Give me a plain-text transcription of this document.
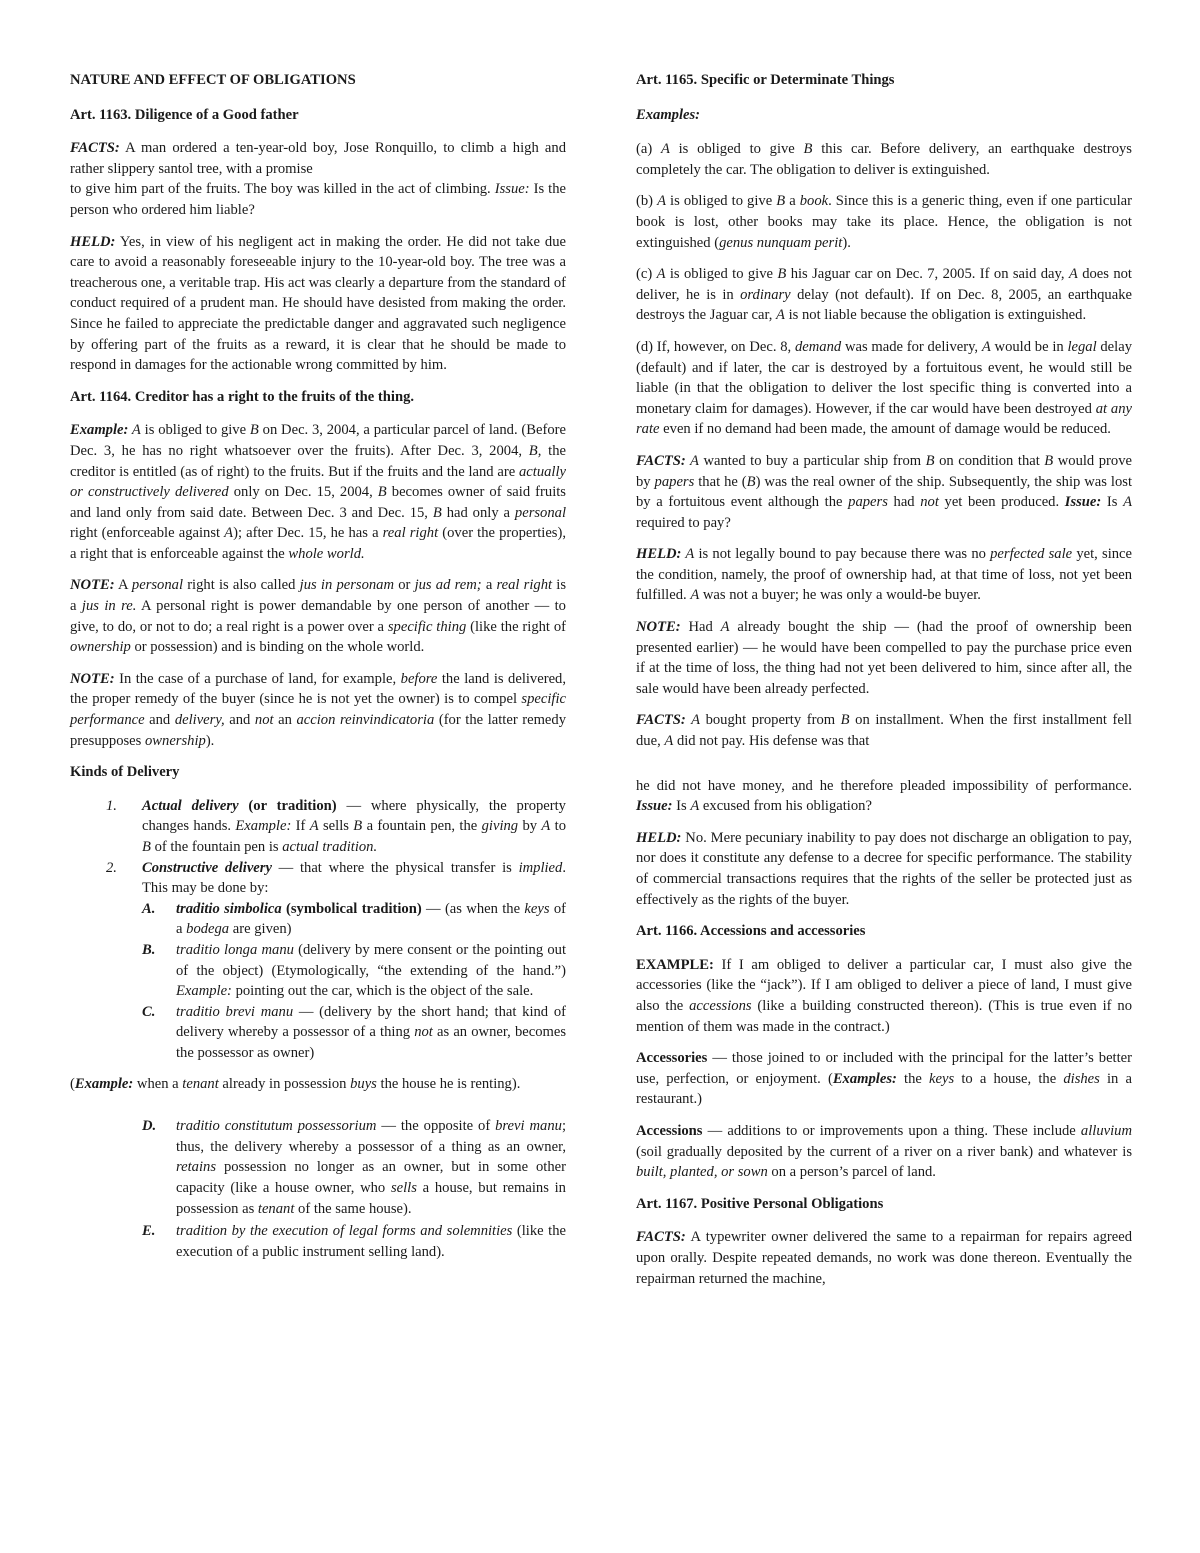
NATURE AND EFFECT OF OBLIGATIONS

Art. 1163. Diligence of a Good father

FACTS: A man ordered a ten-year-old boy, Jose Ronquillo, to climb a high and rather slippery santol tree, with a promise

to give him part of the fruits. The boy was killed in the act of climbing. Issue: Is the person who ordered him liable?

HELD: Yes, in view of his negligent act in making the order. He did not take due care to avoid a reasonably foreseeable injury to the 10-year-old boy. The tree was a treacherous one, a veritable trap. His act was clearly a departure from the standard of conduct required of a prudent man. He should have desisted from making the order. Since he failed to appreciate the predictable danger and aggravated such negligence by offering part of the fruits as a reward, it is clear that he should be made to respond in damages for the actionable wrong committed by him.

Art. 1164. Creditor has a right to the fruits of the thing.

Example: A is obliged to give B on Dec. 3, 2004, a particular parcel of land. (Before Dec. 3, he has no right whatsoever over the fruits). After Dec. 3, 2004, B, the creditor is entitled (as of right) to the fruits. But if the fruits and the land are actually or constructively delivered only on Dec. 15, 2004, B becomes owner of said fruits and land only from said date. Between Dec. 3 and Dec. 15, B had only a personal right (enforceable against A); after Dec. 15, he has a real right (over the properties), a right that is enforceable against the whole world.

NOTE: A personal right is also called jus in personam or jus ad rem; a real right is a jus in re. A personal right is power demandable by one person of another — to give, to do, or not to do; a real right is a power over a specific thing (like the right of ownership or possession) and is binding on the whole world.

NOTE: In the case of a purchase of land, for example, before the land is delivered, the proper remedy of the buyer (since he is not yet the owner) is to compel specific performance and delivery, and not an accion reinvindicatoria (for the latter remedy presupposes ownership).

Kinds of Delivery

1. Actual delivery (or tradition) — where physically, the property changes hands. Example: If A sells B a fountain pen, the giving by A to B of the fountain pen is actual tradition.
2. Constructive delivery — that where the physical transfer is implied. This may be done by:
A. traditio simbolica (symbolical tradition) — (as when the keys of a bodega are given)
B. traditio longa manu (delivery by mere consent or the pointing out of the object) (Etymologically, “the extending of the hand.”) Example: pointing out the car, which is the object of the sale.
C. traditio brevi manu — (delivery by the short hand; that kind of delivery whereby a possessor of a thing not as an owner, becomes the possessor as owner)

(Example: when a tenant already in possession buys the house he is renting).

D. traditio constitutum possessorium — the opposite of brevi manu; thus, the delivery whereby a possessor of a thing as an owner, retains possession no longer as an owner, but in some other capacity (like a house owner, who sells a house, but remains in possession as tenant of the same house).
E. tradition by the execution of legal forms and solemnities (like the execution of a public instrument selling land).

Art. 1165. Specific or Determinate Things

Examples:

(a) A is obliged to give B this car. Before delivery, an earthquake destroys completely the car. The obligation to deliver is extinguished.

(b) A is obliged to give B a book. Since this is a generic thing, even if one particular book is lost, other books may take its place. Hence, the obligation is not extinguished (genus nunquam perit).

(c) A is obliged to give B his Jaguar car on Dec. 7, 2005. If on said day, A does not deliver, he is in ordinary delay (not default). If on Dec. 8, 2005, an earthquake destroys the Jaguar car, A is not liable because the obligation is extinguished.

(d) If, however, on Dec. 8, demand was made for delivery, A would be in legal delay (default) and if later, the car is destroyed by a fortuitous event, he would still be liable (in that the obligation to deliver the lost specific thing is converted into a monetary claim for damages). However, if the car would have been destroyed at any rate even if no demand had been made, the amount of damage would be reduced.

FACTS: A wanted to buy a particular ship from B on condition that B would prove by papers that he (B) was the real owner of the ship. Subsequently, the ship was lost by a fortuitous event although the papers had not yet been produced. Issue: Is A required to pay?

HELD: A is not legally bound to pay because there was no perfected sale yet, since the condition, namely, the proof of ownership had, at that time of loss, not yet been fulfilled. A was not a buyer; he was only a would-be buyer.

NOTE: Had A already bought the ship — (had the proof of ownership been presented earlier) — he would have been compelled to pay the purchase price even if at the time of loss, the thing had not yet been delivered to him, since after all, the sale would have been already perfected.

FACTS: A bought property from B on installment. When the first installment fell due, A did not pay. His defense was that

he did not have money, and he therefore pleaded impossibility of performance. Issue: Is A excused from his obligation?

HELD: No. Mere pecuniary inability to pay does not discharge an obligation to pay, nor does it constitute any defense to a decree for specific performance. The stability of commercial transactions requires that the rights of the seller be protected just as effectively as the rights of the buyer.

Art. 1166. Accessions and accessories

EXAMPLE: If I am obliged to deliver a particular car, I must also give the accessories (like the “jack”). If I am obliged to deliver a piece of land, I must give also the accessions (like a building constructed thereon). (This is true even if no mention of them was made in the contract.)

Accessories — those joined to or included with the principal for the latter’s better use, perfection, or enjoyment. (Examples: the keys to a house, the dishes in a restaurant.)

Accessions — additions to or improvements upon a thing. These include alluvium (soil gradually deposited by the current of a river on a river bank) and whatever is built, planted, or sown on a person’s parcel of land.

Art. 1167. Positive Personal Obligations

FACTS: A typewriter owner delivered the same to a repairman for repairs agreed upon orally. Despite repeated demands, no work was done thereon. Eventually the repairman returned the machine,
